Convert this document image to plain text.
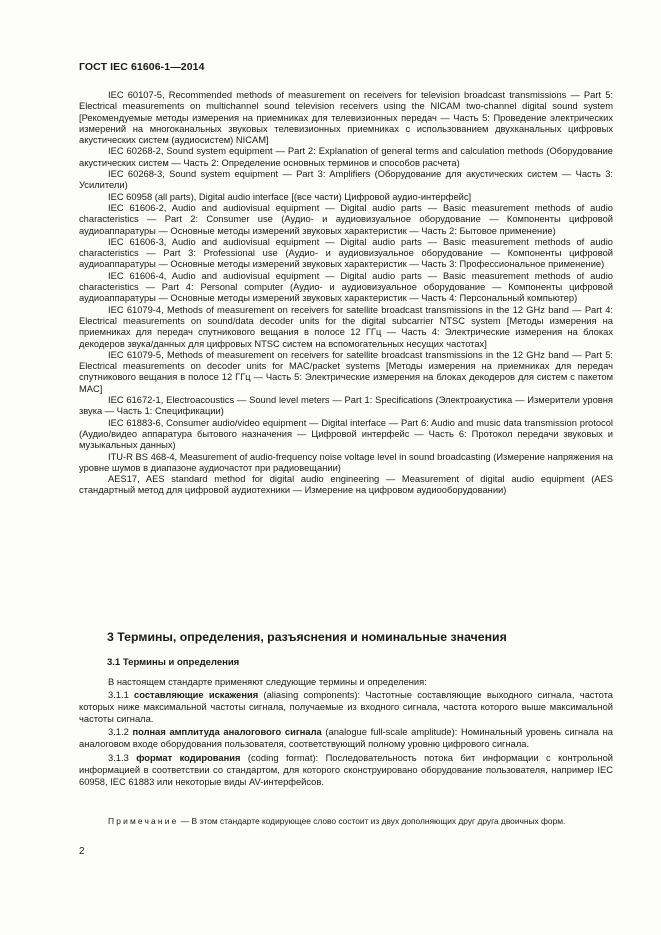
ГОСТ IEC 61606-1—2014

IEC 60107-5, Recommended methods of measurement on receivers for television broadcast transmissions — Part 5: Electrical measurements on multichannel sound television receivers using the NICAM two-channel digital sound system [Рекомендуемые методы измерения на приемниках для телевизионных передач — Часть 5: Проведение электрических измерений на многоканальных звуковых телевизионных приемниках с использованием двухканальных цифровых акустических систем (аудиосистем) NICAM]

IEC 60268-2, Sound system equipment — Part 2: Explanation of general terms and calculation methods (Оборудование акустических систем — Часть 2: Определение основных терминов и способов расчета)

IEC 60268-3, Sound system equipment — Part 3: Amplifiers (Оборудование для акустических систем — Часть 3: Усилители)

IEC 60958 (all parts), Digital audio interface [(все части) Цифровой аудио-интерфейс]

IEC 61606-2, Audio and audiovisual equipment — Digital audio parts — Basic measurement methods of audio characteristics — Part 2: Consumer use (Аудио- и аудиовизуальное оборудование — Компоненты цифровой аудиоаппаратуры — Основные методы измерений звуковых характеристик — Часть 2: Бытовое применение)

IEC 61606-3, Audio and audiovisual equipment — Digital audio parts — Basic measurement methods of audio characteristics — Part 3: Professional use (Аудио- и аудиовизуальное оборудование — Компоненты цифровой аудиоаппаратуры — Основные методы измерений звуковых характеристик — Часть 3: Профессиональное применение)

IEC 61606-4, Audio and audiovisual equipment — Digital audio parts — Basic measurement methods of audio characteristics — Part 4: Personal computer (Аудио- и аудиовизуальное оборудование — Компоненты цифровой аудиоаппаратуры — Основные методы измерений звуковых характеристик — Часть 4: Персональный компьютер)

IEC 61079-4, Methods of measurement on receivers for satellite broadcast transmissions in the 12 GHz band — Part 4: Electrical measurements on sound/data decoder units for the digital subcarrier NTSC system [Методы измерения на приемниках для передач спутникового вещания в полосе 12 ГГц — Часть 4: Электрические измерения на блоках декодеров звука/данных для цифровых NTSC систем на вспомогательных несущих частотах]

IEC 61079-5, Methods of measurement on receivers for satellite broadcast transmissions in the 12 GHz band — Part 5: Electrical measurements on decoder units for MAC/packet systems [Методы измерения на приемниках для передач спутникового вещания в полосе 12 ГГц — Часть 5: Электрические измерения на блоках декодеров для систем с пакетом MAC]

IEC 61672-1, Electroacoustics — Sound level meters — Part 1: Specifications (Электроакустика — Измерители уровня звука — Часть 1: Спецификации)

IEC 61883-6, Consumer audio/video equipment — Digital interface — Part 6: Audio and music data transmission protocol (Аудио/видео аппаратура бытового назначения — Цифровой интерфейс — Часть 6: Протокол передачи звуковых и музыкальных данных)

ITU-R BS 468-4, Measurement of audio-frequency noise voltage level in sound broadcasting (Измерение напряжения на уровне шумов в диапазоне аудиочастот при радиовещании)

AES17, AES standard method for digital audio engineering — Measurement of digital audio equipment (AES стандартный метод для цифровой аудиотехники — Измерение на цифровом аудиооборудовании)

3 Термины, определения, разъяснения и номинальные значения
3.1 Термины и определения

В настоящем стандарте применяют следующие термины и определения:

3.1.1 составляющие искажения (aliasing components): Частотные составляющие выходного сигнала, частота которых ниже максимальной частоты сигнала, получаемые из входного сигнала, частота которого выше максимальной частоты сигнала.

3.1.2 полная амплитуда аналогового сигнала (analogue full-scale amplitude): Номинальный уровень сигнала на аналоговом входе оборудования пользователя, соответствующий полному уровню цифрового сигнала.

3.1.3 формат кодирования (coding format): Последовательность потока бит информации с контрольной информацией в соответствии со стандартом, для которого сконструировано оборудование пользователя, например IEC 60958, IEC 61883 или некоторые виды AV-интерфейсов.

Примечание — В этом стандарте кодирующее слово состоит из двух дополняющих друг друга двоичных форм.
2
